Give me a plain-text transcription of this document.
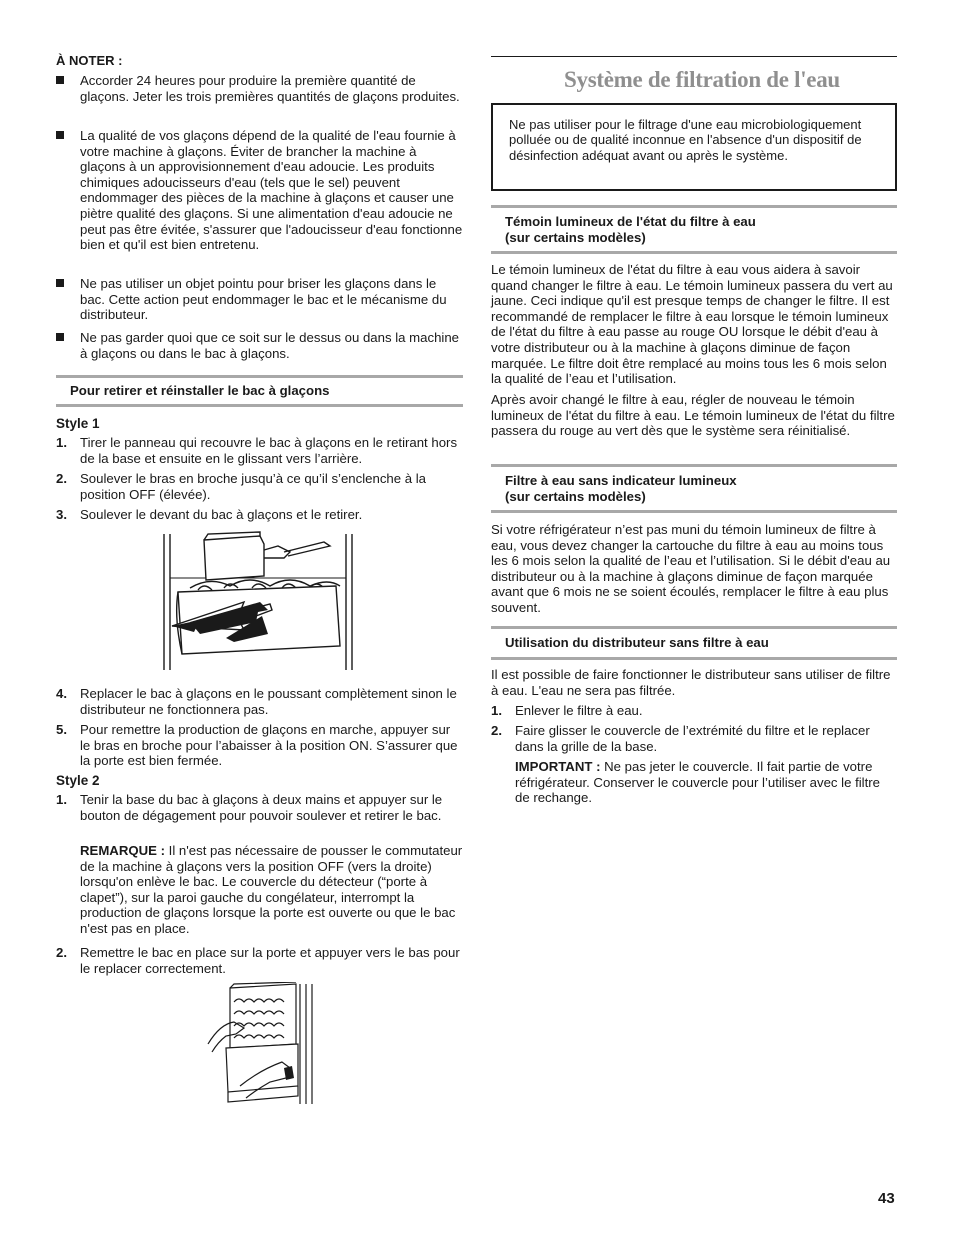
À NOTER :

Accorder 24 heures pour produire la première quantité de glaçons. Jeter les trois premières quantités de glaçons produites.

La qualité de vos glaçons dépend de la qualité de l'eau fournie à votre machine à glaçons. Éviter de brancher la machine à glaçons à un approvisionnement d'eau adoucie. Les produits chimiques adoucisseurs d'eau (tels que le sel) peuvent endommager des pièces de la machine à glaçons et causer une piètre qualité des glaçons. Si une alimentation d'eau adoucie ne peut pas être évitée, s'assurer que l'adoucisseur d'eau fonctionne bien et qu'il est bien entretenu.

Ne pas utiliser un objet pointu pour briser les glaçons dans le bac. Cette action peut endommager le bac et le mécanisme du distributeur.

Ne pas garder quoi que ce soit sur le dessus ou dans la machine à glaçons ou dans le bac à glaçons.

Pour retirer et réinstaller le bac à glaçons
Style 1
1. Tirer le panneau qui recouvre le bac à glaçons en le retirant hors de la base et ensuite en le glissant vers l’arrière.

2. Soulever le bras en broche jusqu’à ce qu’il s’enclenche à la position OFF (élevée).

3. Soulever le devant du bac à glaçons et le retirer.

4. Replacer le bac à glaçons en le poussant complètement sinon le distributeur ne fonctionnera pas.

5. Pour remettre la production de glaçons en marche, appuyer sur le bras en broche pour l’abaisser à la position ON. S’assurer que la porte est bien fermée.

Style 2
1. Tenir la base du bac à glaçons à deux mains et appuyer sur le bouton de dégagement pour pouvoir soulever et retirer le bac.

REMARQUE : Il n'est pas nécessaire de pousser le commutateur de la machine à glaçons vers la position OFF (vers la droite) lorsqu'on enlève le bac. Le couvercle du détecteur (“porte à clapet”), sur la paroi gauche du congélateur, interrompt la production de glaçons lorsque la porte est ouverte ou que le bac n'est pas en place.

2. Remettre le bac en place sur la porte et appuyer vers le bas pour le replacer correctement.

Système de filtration de l'eau

Ne pas utiliser pour le filtrage d'une eau microbiologiquement polluée ou de qualité inconnue en l'absence d'un dispositif de désinfection adéquat avant ou après le système.

Témoin lumineux de l'état du filtre à eau
(sur certains modèles)

Le témoin lumineux de l'état du filtre à eau vous aidera à savoir quand changer le filtre à eau. Le témoin lumineux passera du vert au jaune. Ceci indique qu'il est presque temps de changer le filtre. Il est recommandé de remplacer le filtre à eau lorsque le témoin lumineux de l'état du filtre à eau passe au rouge OU lorsque le débit d'eau à votre distributeur ou à la machine à glaçons diminue de façon marquée. Le filtre doit être remplacé au moins tous les 6 mois selon la qualité de l’eau et l’utilisation.

Après avoir changé le filtre à eau, régler de nouveau le témoin lumineux de l'état du filtre à eau. Le témoin lumineux de l'état du filtre passera du rouge au vert dès que le système sera réinitialisé.

Filtre à eau sans indicateur lumineux
(sur certains modèles)

Si votre réfrigérateur n’est pas muni du témoin lumineux de filtre à eau, vous devez changer la cartouche du filtre à eau au moins tous les 6 mois selon la qualité de l’eau et l’utilisation. Si le débit d'eau au distributeur ou à la machine à glaçons diminue de façon marquée avant que 6 mois ne se soient écoulés, remplacer le filtre à eau plus souvent.

Utilisation du distributeur sans filtre à eau

Il est possible de faire fonctionner le distributeur sans utiliser de filtre à eau. L'eau ne sera pas filtrée.

1. Enlever le filtre à eau.

2. Faire glisser le couvercle de l’extrémité du filtre et le replacer dans la grille de la base.

IMPORTANT : Ne pas jeter le couvercle. Il fait partie de votre réfrigérateur. Conserver le couvercle pour l’utiliser avec le filtre de rechange.

43
